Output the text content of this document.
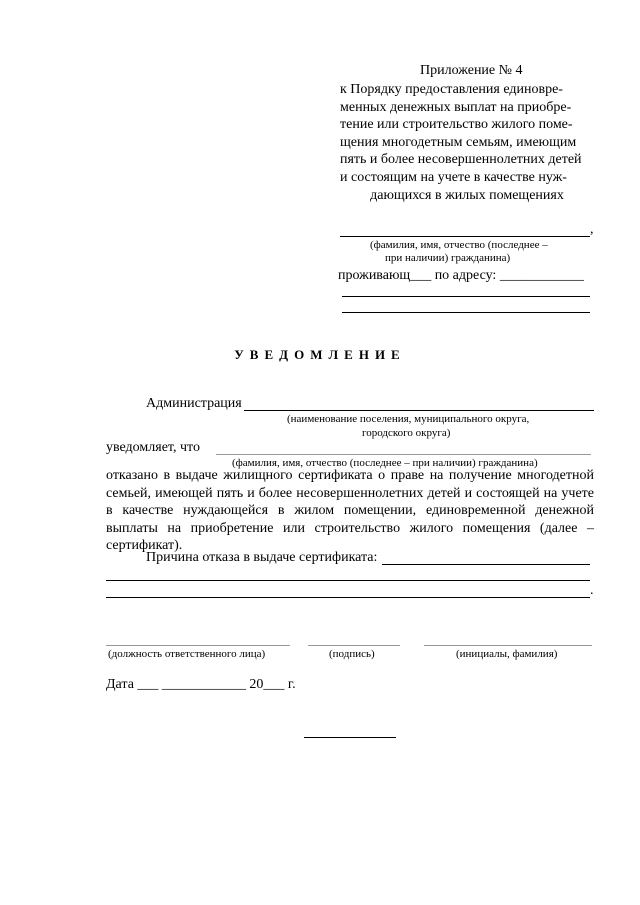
Приложение № 4
к Порядку предоставления единовре-
менных денежных выплат на приобре-
тение или строительство жилого поме-
щения многодетным семьям, имеющим
пять и более несовершеннолетних детей
и состоящим на учете в качестве нуж-
дающихся в жилых помещениях
,
(фамилия, имя, отчество (последнее –
при наличии) гражданина)
проживающ___ по адресу: ____________
УВЕДОМЛЕНИЕ
Администрация
(наименование поселения, муниципального округа,
городского округа)
уведомляет, что
(фамилия, имя, отчество (последнее – при наличии) гражданина)
отказано в выдаче жилищного сертификата о праве на получение многодетной семьей, имеющей пять и более несовершеннолетних детей и состоящей на учете в качестве нуждающейся в жилом помещении, единовременной денежной выплаты на приобретение или строительство жилого помещения (далее – сертификат).
Причина отказа в выдаче сертификата:
.
(должность ответственного лица)	(подпись)	(инициалы, фамилия)
Дата ___ ____________ 20___ г.
